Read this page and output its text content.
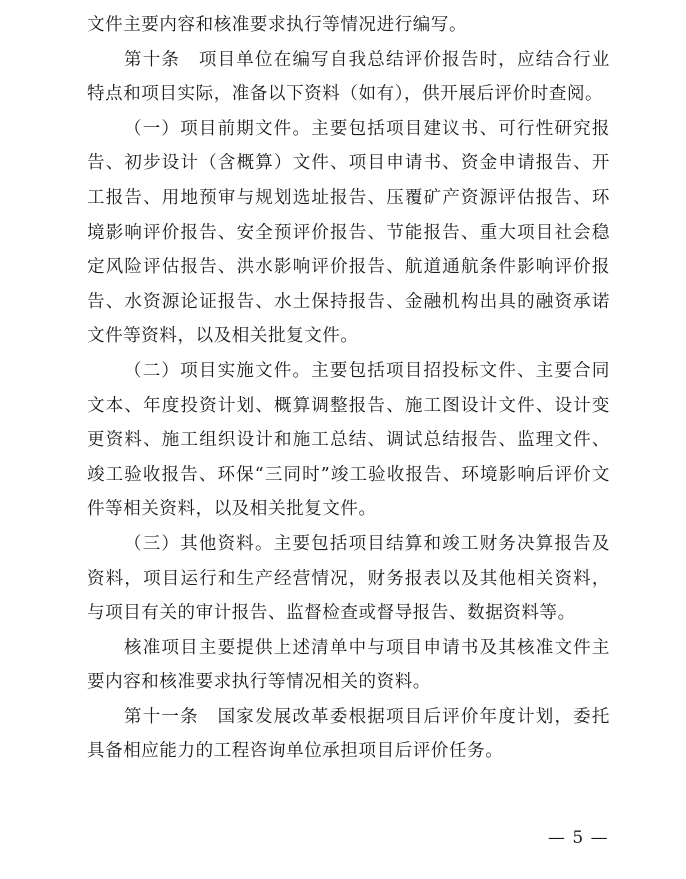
文件主要内容和核准要求执行等情况进行编写。

第十条　项目单位在编写自我总结评价报告时，应结合行业特点和项目实际，准备以下资料（如有），供开展后评价时查阅。

（一）项目前期文件。主要包括项目建议书、可行性研究报告、初步设计（含概算）文件、项目申请书、资金申请报告、开工报告、用地预审与规划选址报告、压覆矿产资源评估报告、环境影响评价报告、安全预评价报告、节能报告、重大项目社会稳定风险评估报告、洪水影响评价报告、航道通航条件影响评价报告、水资源论证报告、水土保持报告、金融机构出具的融资承诺文件等资料，以及相关批复文件。

（二）项目实施文件。主要包括项目招投标文件、主要合同文本、年度投资计划、概算调整报告、施工图设计文件、设计变更资料、施工组织设计和施工总结、调试总结报告、监理文件、竣工验收报告、环保“三同时”竣工验收报告、环境影响后评价文件等相关资料，以及相关批复文件。

（三）其他资料。主要包括项目结算和竣工财务决算报告及资料，项目运行和生产经营情况，财务报表以及其他相关资料，与项目有关的审计报告、监督检查或督导报告、数据资料等。

核准项目主要提供上述清单中与项目申请书及其核准文件主要内容和核准要求执行等情况相关的资料。

第十一条　国家发展改革委根据项目后评价年度计划，委托具备相应能力的工程咨询单位承担项目后评价任务。

— 5 —
